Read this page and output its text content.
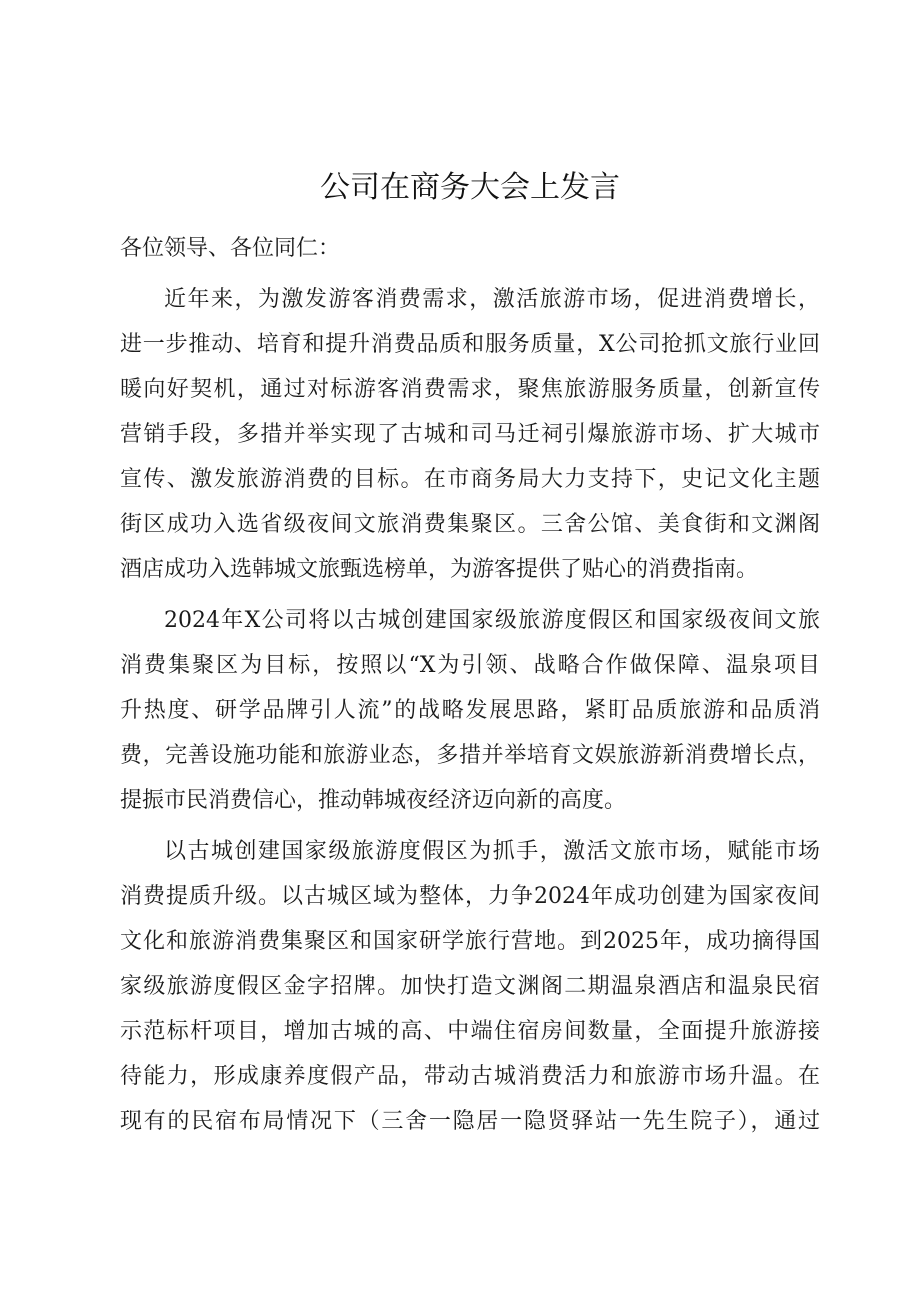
公司在商务大会上发言
各位领导、各位同仁：
近年来，为激发游客消费需求，激活旅游市场，促进消费增长，
进一步推动、培育和提升消费品质和服务质量，X公司抢抓文旅行业回
暖向好契机，通过对标游客消费需求，聚焦旅游服务质量，创新宣传
营销手段，多措并举实现了古城和司马迁祠引爆旅游市场、扩大城市
宣传、激发旅游消费的目标。在市商务局大力支持下，史记文化主题
街区成功入选省级夜间文旅消费集聚区。三舍公馆、美食街和文渊阁
酒店成功入选韩城文旅甄选榜单，为游客提供了贴心的消费指南。
2024年X公司将以古城创建国家级旅游度假区和国家级夜间文旅
消费集聚区为目标，按照以“X为引领、战略合作做保障、温泉项目
升热度、研学品牌引人流”的战略发展思路，紧盯品质旅游和品质消
费，完善设施功能和旅游业态，多措并举培育文娱旅游新消费增长点，
提振市民消费信心，推动韩城夜经济迈向新的高度。
以古城创建国家级旅游度假区为抓手，激活文旅市场，赋能市场
消费提质升级。以古城区域为整体，力争2024年成功创建为国家夜间
文化和旅游消费集聚区和国家研学旅行营地。到2025年，成功摘得国
家级旅游度假区金字招牌。加快打造文渊阁二期温泉酒店和温泉民宿
示范标杆项目，增加古城的高、中端住宿房间数量，全面提升旅游接
待能力，形成康养度假产品，带动古城消费活力和旅游市场升温。在
现有的民宿布局情况下（三舍一隐居一隐贤驿站一先生院子），通过
